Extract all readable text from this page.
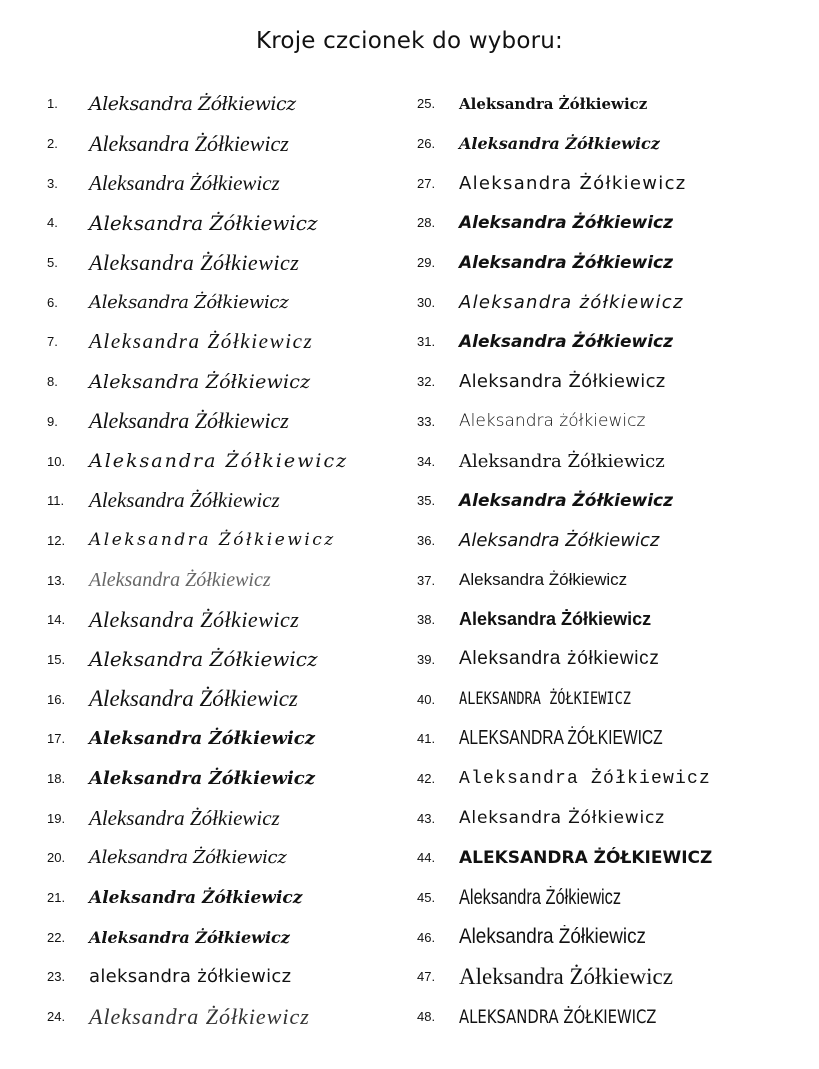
Kroje czcionek do wyboru:
1.	Aleksandra Żółkiewicz
2.	Aleksandra Żółkiewicz
3.	Aleksandra Żółkiewicz
4.	Aleksandra Żółkiewicz
5.	Aleksandra Żółkiewicz
6.	Aleksandra Żółkiewicz
7.	Aleksandra Żółkiewicz
8.	Aleksandra Żółkiewicz
9.	Aleksandra Żółkiewicz
10.	Aleksandra Żółkiewicz
11.	Aleksandra Żółkiewicz
12.	Aleksandra Żółkiewicz
13.	Aleksandra Żółkiewicz
14.	Aleksandra Żółkiewicz
15.	Aleksandra Żółkiewicz
16.	Aleksandra Żółkiewicz
17.	Aleksandra Żółkiewicz
18.	Aleksandra Żółkiewicz
19.	Aleksandra Żółkiewicz
20.	Aleksandra Żółkiewicz
21.	Aleksandra Żółkiewicz
22.	Aleksandra Żółkiewicz
23.	aleksandra żółkiewicz
24.	Aleksandra Żółkiewicz
25.	Aleksandra Żółkiewicz
26.	Aleksandra Żółkiewicz
27.	Aleksandra Żółkiewicz
28.	Aleksandra Żółkiewicz
29.	Aleksandra Żółkiewicz
30.	Aleksandra żółkiewicz
31.	Aleksandra Żółkiewicz
32.	Aleksandra Żółkiewicz
33.	Aleksandra żółkiewicz
34.	Aleksandra Żółkiewicz
35.	Aleksandra Żółkiewicz
36.	Aleksandra Żółkiewicz
37.	Aleksandra Żółkiewicz
38.	Aleksandra Żółkiewicz
39.	Aleksandra żółkiewicz
40.	ALEKSANDRA ŻÓŁKIEWICZ
41.	ALEKSANDRA ŻÓŁKIEWICZ
42.	Aleksandra Żółkiewicz
43.	Aleksandra Żółkiewicz
44.	ALEKSANDRA ŻÓŁKIEWICZ
45.	Aleksandra Żółkiewicz
46.	Aleksandra Żółkiewicz
47.	Aleksandra Żółkiewicz
48.	ALEKSANDRA ŻÓŁKIEWICZ
